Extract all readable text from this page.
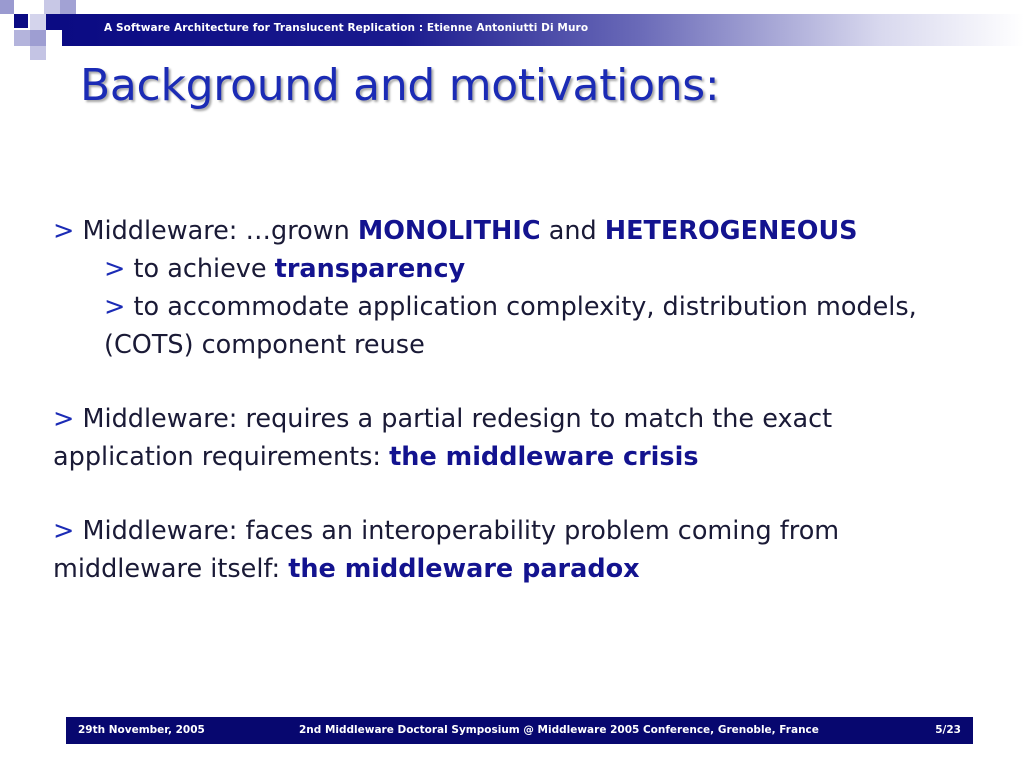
A Software Architecture for Translucent Replication : Etienne Antoniutti Di Muro
Background and motivations:

> Middleware: …grown MONOLITHIC and HETEROGENEOUS

> to achieve transparency

> to accommodate application complexity, distribution models,

(COTS) component reuse

> Middleware: requires a partial redesign to match the exact

application requirements: the middleware crisis

> Middleware: faces an interoperability problem coming from

middleware itself: the middleware paradox

29th November, 2005	2nd Middleware Doctoral Symposium @ Middleware 2005 Conference, Grenoble, France	5/23
